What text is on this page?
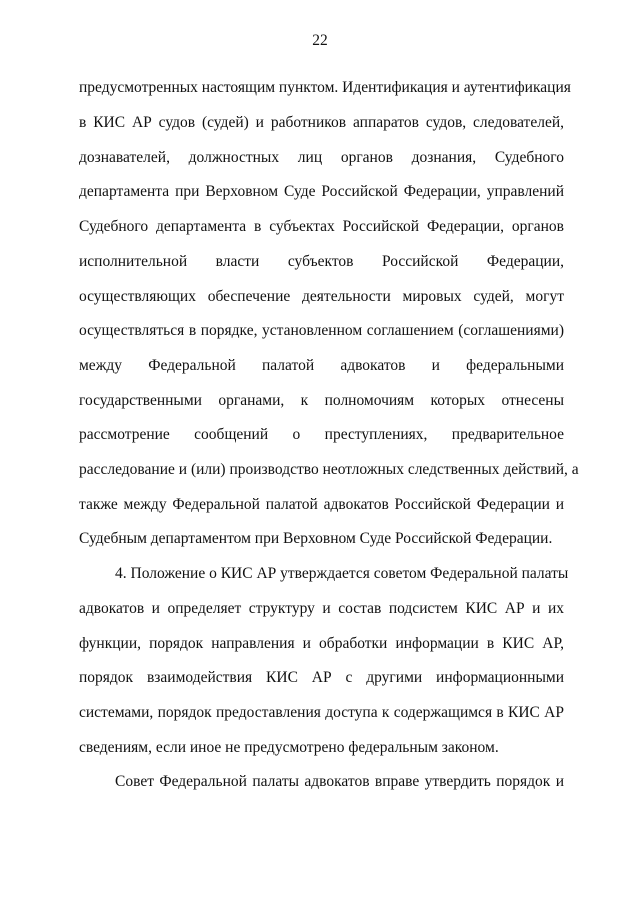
22
предусмотренных настоящим пунктом. Идентификация и аутентификация
в КИС АР судов (судей) и работников аппаратов судов, следователей,
дознавателей, должностных лиц органов дознания, Судебного
департамента при Верховном Суде Российской Федерации, управлений
Судебного департамента в субъектах Российской Федерации, органов
исполнительной власти субъектов Российской Федерации,
осуществляющих обеспечение деятельности мировых судей, могут
осуществляться в порядке, установленном соглашением (соглашениями)
между Федеральной палатой адвокатов и федеральными
государственными органами, к полномочиям которых отнесены
рассмотрение сообщений о преступлениях, предварительное
расследование и (или) производство неотложных следственных действий, а
также между Федеральной палатой адвокатов Российской Федерации и
Судебным департаментом при Верховном Суде Российской Федерации.
4. Положение о КИС АР утверждается советом Федеральной палаты
адвокатов и определяет структуру и состав подсистем КИС АР и их
функции, порядок направления и обработки информации в КИС АР,
порядок взаимодействия КИС АР с другими информационными
системами, порядок предоставления доступа к содержащимся в КИС АР
сведениям, если иное не предусмотрено федеральным законом.
Совет Федеральной палаты адвокатов вправе утвердить порядок и
